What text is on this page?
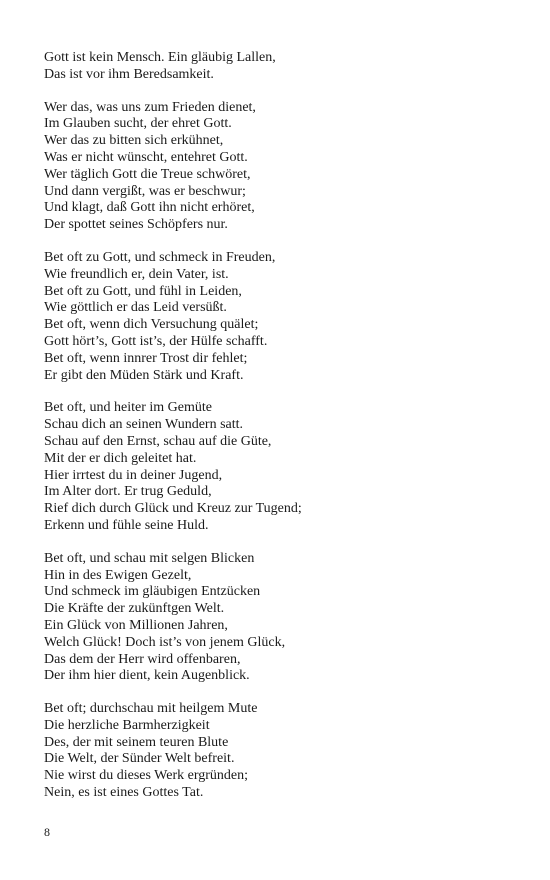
Gott ist kein Mensch. Ein gläubig Lallen,
Das ist vor ihm Beredsamkeit.
Wer das, was uns zum Frieden dienet,
Im Glauben sucht, der ehret Gott.
Wer das zu bitten sich erkühnet,
Was er nicht wünscht, entehret Gott.
Wer täglich Gott die Treue schwöret,
Und dann vergißt, was er beschwur;
Und klagt, daß Gott ihn nicht erhöret,
Der spottet seines Schöpfers nur.
Bet oft zu Gott, und schmeck in Freuden,
Wie freundlich er, dein Vater, ist.
Bet oft zu Gott, und fühl in Leiden,
Wie göttlich er das Leid versüßt.
Bet oft, wenn dich Versuchung quälet;
Gott hört’s, Gott ist’s, der Hülfe schafft.
Bet oft, wenn innrer Trost dir fehlet;
Er gibt den Müden Stärk und Kraft.
Bet oft, und heiter im Gemüte
Schau dich an seinen Wundern satt.
Schau auf den Ernst, schau auf die Güte,
Mit der er dich geleitet hat.
Hier irrtest du in deiner Jugend,
Im Alter dort. Er trug Geduld,
Rief dich durch Glück und Kreuz zur Tugend;
Erkenn und fühle seine Huld.
Bet oft, und schau mit selgen Blicken
Hin in des Ewigen Gezelt,
Und schmeck im gläubigen Entzücken
Die Kräfte der zukünftgen Welt.
Ein Glück von Millionen Jahren,
Welch Glück! Doch ist’s von jenem Glück,
Das dem der Herr wird offenbaren,
Der ihm hier dient, kein Augenblick.
Bet oft; durchschau mit heilgem Mute
Die herzliche Barmherzigkeit
Des, der mit seinem teuren Blute
Die Welt, der Sünder Welt befreit.
Nie wirst du dieses Werk ergründen;
Nein, es ist eines Gottes Tat.
8
